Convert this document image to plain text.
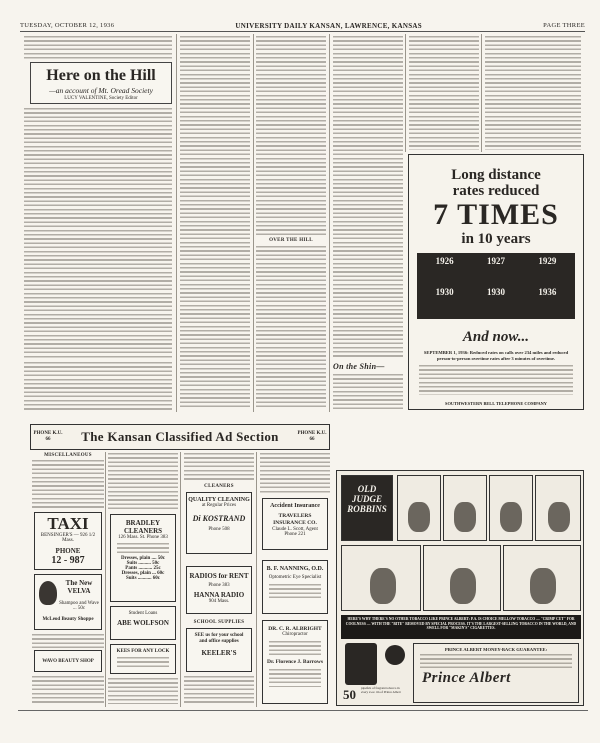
TUESDAY, OCTOBER 12, 1936	UNIVERSITY DAILY KANSAN, LAWRENCE, KANSAS	PAGE THREE
Here on the Hill
—an account of Mt. Oread Society
LUCY VALENTINE, Society Editor
OVER THE HILL
On the Shin—
Long distance
rates reduced
7 TIMES
in 10 years
1926	1927	1929
1930	1930	1936
And now...
SEPTEMBER 1, 1936: Reduced rates on calls over 234 miles and reduced person-to-person overtime rates after 3 minutes of overtime.
SOUTHWESTERN BELL TELEPHONE COMPANY
PHONE K.U. 66	The Kansan Classified Ad Section	PHONE K.U. 66
MISCELLANEOUS
TAXI
BENSINGER'S — 926 1/2 Mass.
PHONE
12 - 987
The New VELVA
Shampoo and Wave ... 50c
McLeod Beauty Shoppe
WAVO BEAUTY SHOP
BRADLEY CLEANERS
126 Mass. St. Phone 383
Dresses, plain .... 50c
Suits .......... 50c
Pants ........... 25c
Dresses, plain ... 60c
Suits ........... 60c
Student Loans
ABE WOLFSON
KEES FOR ANY LOCK
CLEANERS
QUALITY CLEANING
at Regular Prices
Di KOSTRAND
Phone 508
RADIOS for RENT
Phone 383
HANNA RADIO
904 Mass.
SCHOOL SUPPLIES
SEE us for your school and office supplies
KEELER'S
Accident Insurance
TRAVELERS INSURANCE CO.
Claude L. Scott, Agent
Phone 221
B. F. NANNING, O.D.
Optometric Eye Specialist
DR. C. R. ALBRIGHT
Chiropractor
Dr. Florence J. Barrows
OLD JUDGE ROBBINS
HERE'S WHY THERE'S NO OTHER TOBACCO LIKE PRINCE ALBERT: P.A. IS CHOICE MELLOW TOBACCO — "CRIMP CUT" FOR COOLNESS — WITH THE "BITE" REMOVED BY SPECIAL PROCESS. IT'S THE LARGEST-SELLING TOBACCO IN THE WORLD, AND SWELL FOR "MAKIN'S" CIGARETTES.
50 pipefuls of fragrant tobacco in every 2-oz. tin of Prince Albert
PRINCE ALBERT MONEY-BACK GUARANTEE:
Prince Albert
